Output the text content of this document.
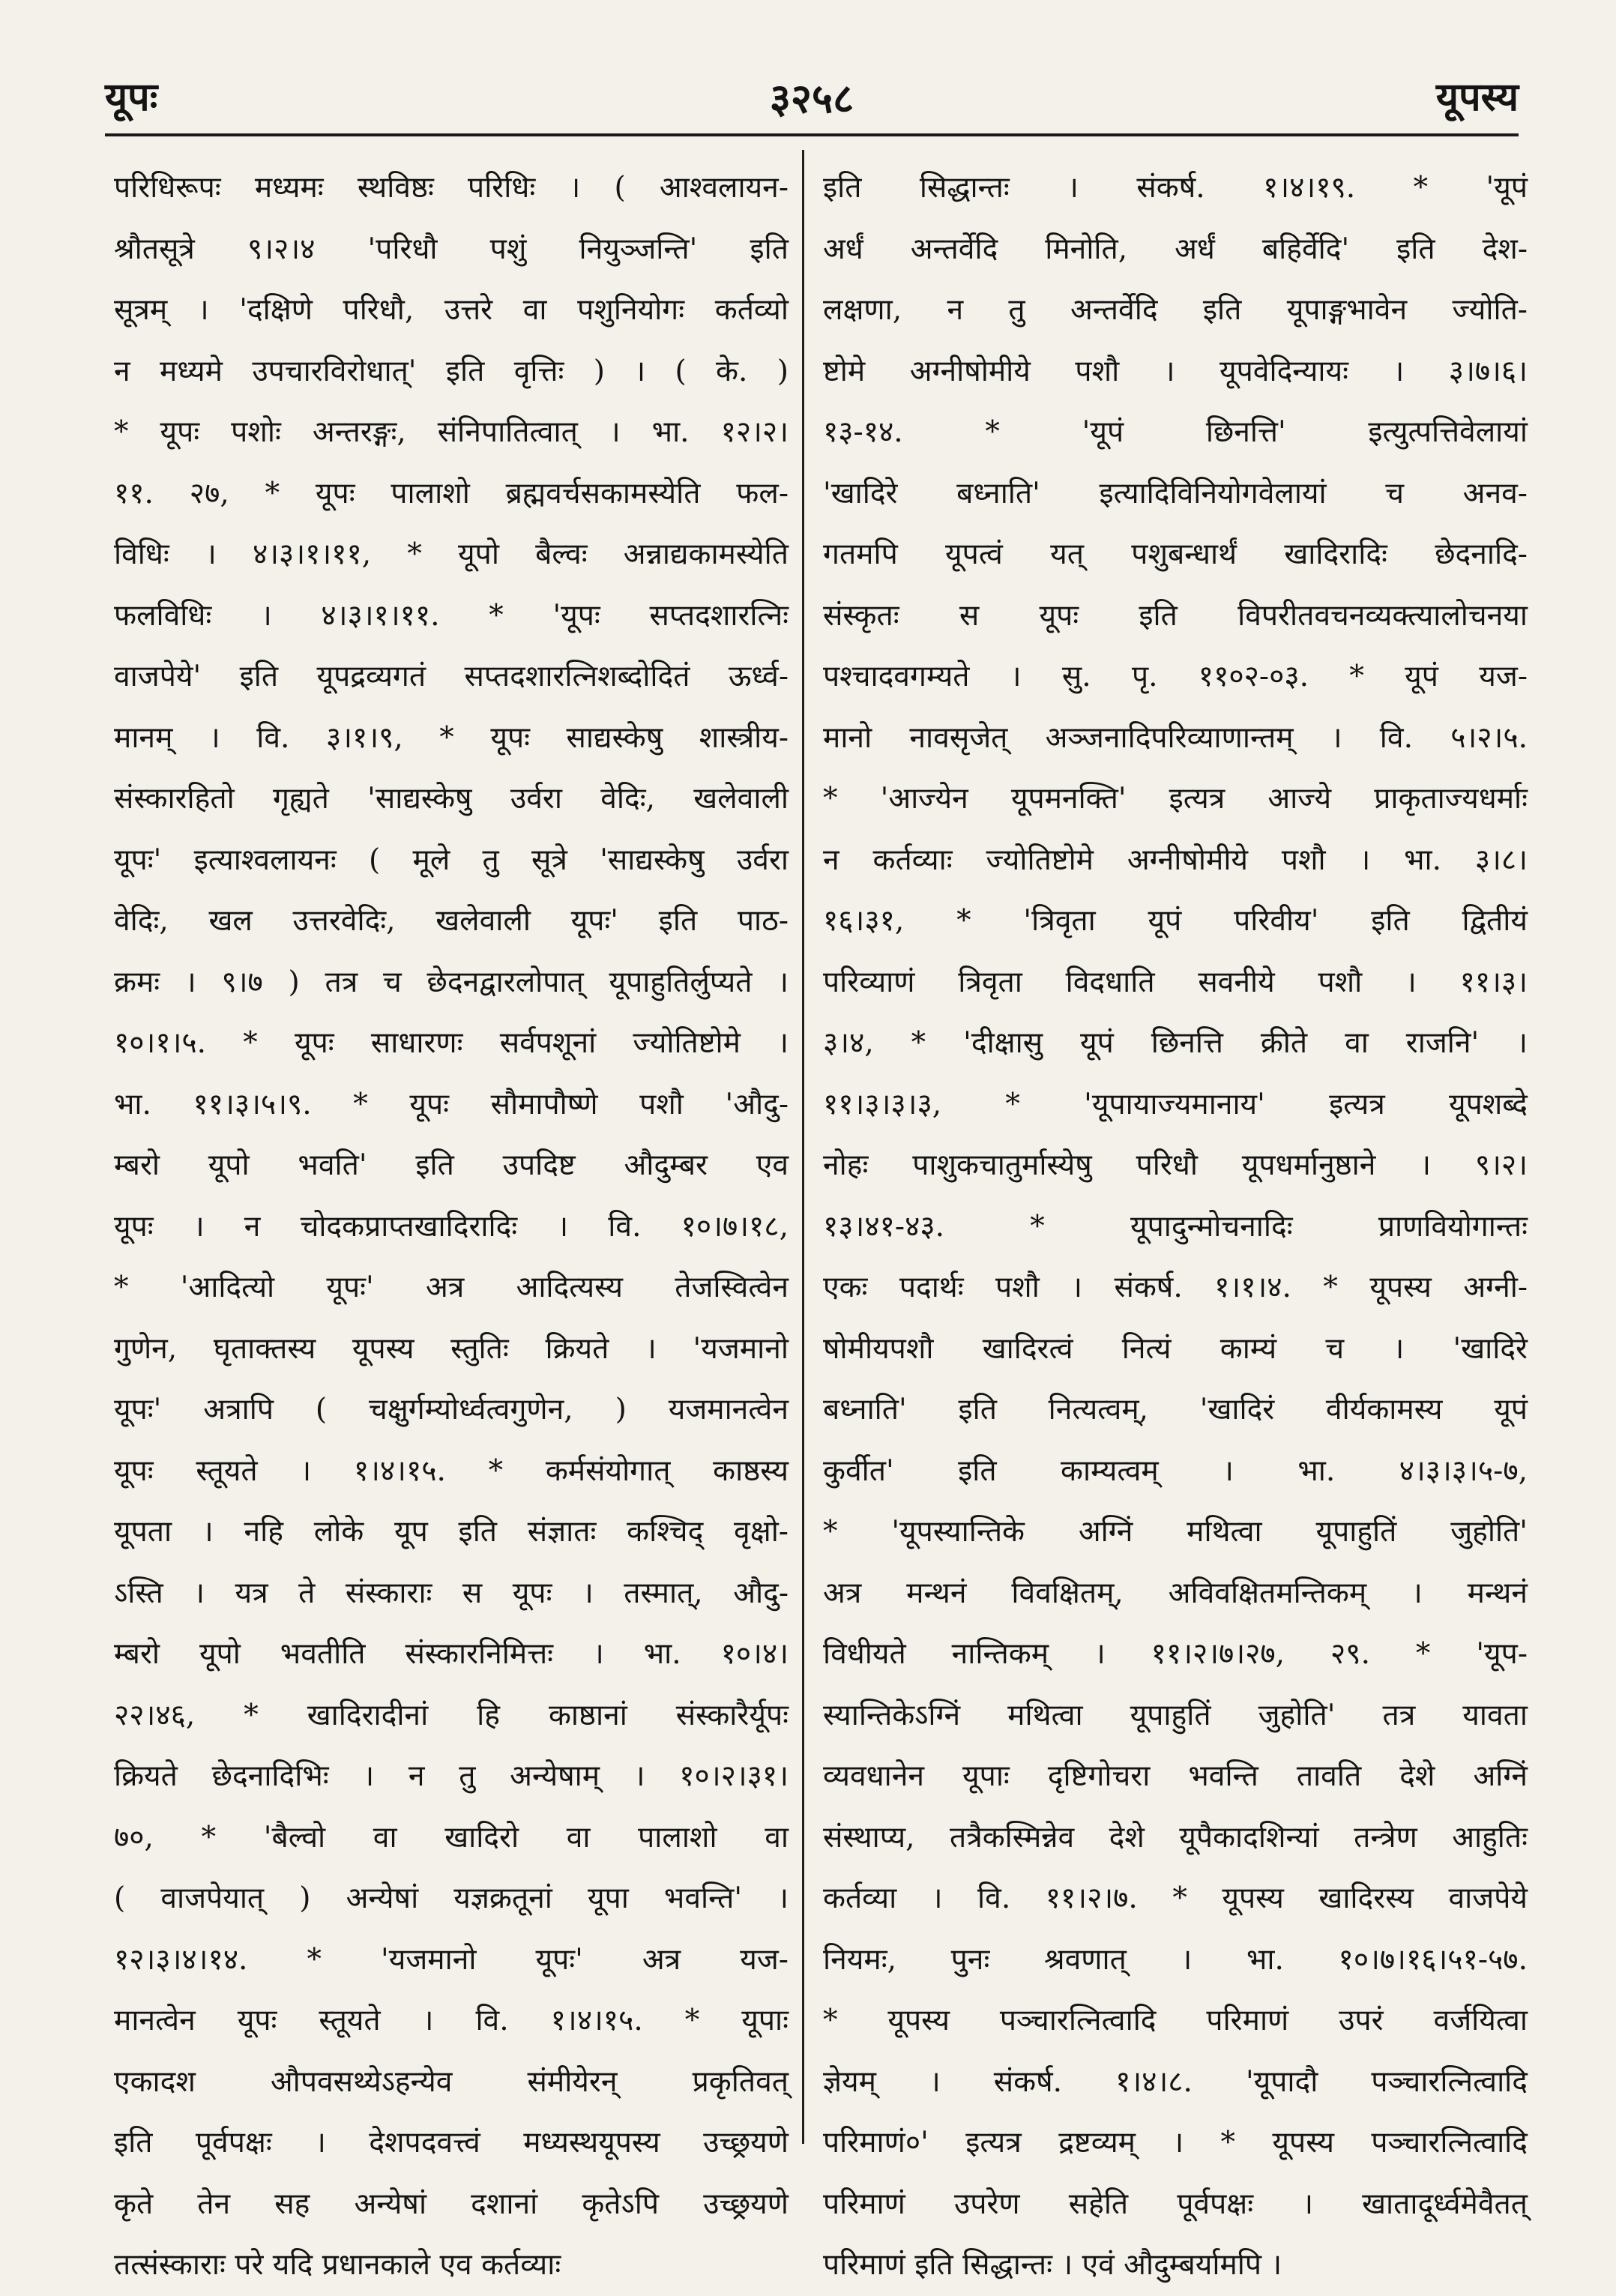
यूपः	३२५८	यूपस्य
परिधिरूपः मध्यमः स्थविष्ठः परिधिः । ( आश्वलायन-
श्रौतसूत्रे ९।२।४ 'परिधौ पशुं नियुञ्जन्ति' इति
सूत्रम् । 'दक्षिणे परिधौ, उत्तरे वा पशुनियोगः कर्तव्यो
न मध्यमे उपचारविरोधात्' इति वृत्तिः ) । ( के. )
* यूपः पशोः अन्तरङ्गः, संनिपातित्वात् । भा. १२।२।
११. २७, * यूपः पालाशो ब्रह्मवर्चसकामस्येति फल-
विधिः । ४।३।१।११, * यूपो बैल्वः अन्नाद्यकामस्येति
फलविधिः । ४।३।१।११. * 'यूपः सप्तदशारत्निः
वाजपेये' इति यूपद्रव्यगतं सप्तदशारत्निशब्दोदितं ऊर्ध्व-
मानम् । वि. ३।१।९, * यूपः साद्यस्केषु शास्त्रीय-
संस्कारहितो गृह्यते 'साद्यस्केषु उर्वरा वेदिः, खलेवाली
यूपः' इत्याश्वलायनः ( मूले तु सूत्रे 'साद्यस्केषु उर्वरा
वेदिः, खल उत्तरवेदिः, खलेवाली यूपः' इति पाठ-
क्रमः । ९।७ ) तत्र च छेदनद्वारलोपात् यूपाहुतिर्लुप्यते ।
१०।१।५. * यूपः साधारणः सर्वपशूनां ज्योतिष्टोमे ।
भा. ११।३।५।९. * यूपः सौमापौष्णे पशौ 'औदु-
म्बरो यूपो भवति' इति उपदिष्ट औदुम्बर एव
यूपः । न चोदकप्राप्तखादिरादिः । वि. १०।७।१८,
* 'आदित्यो यूपः' अत्र आदित्यस्य तेजस्वित्वेन
गुणेन, घृताक्तस्य यूपस्य स्तुतिः क्रियते । 'यजमानो
यूपः' अत्रापि ( चक्षुर्गम्योर्ध्वत्वगुणेन, ) यजमानत्वेन
यूपः स्तूयते । १।४।१५. * कर्मसंयोगात् काष्ठस्य
यूपता । नहि लोके यूप इति संज्ञातः कश्चिद् वृक्षो-
ऽस्ति । यत्र ते संस्काराः स यूपः । तस्मात्, औदु-
म्बरो यूपो भवतीति संस्कारनिमित्तः । भा. १०।४।
२२।४६, * खादिरादीनां हि काष्ठानां संस्कारैर्यूपः
क्रियते छेदनादिभिः । न तु अन्येषाम् । १०।२।३१।
७०, * 'बैल्वो वा खादिरो वा पालाशो वा
( वाजपेयात् ) अन्येषां यज्ञक्रतूनां यूपा भवन्ति' ।
१२।३।४।१४. * 'यजमानो यूपः' अत्र यज-
मानत्वेन यूपः स्तूयते । वि. १।४।१५. * यूपाः
एकादश औपवसथ्येऽहन्येव संमीयेरन् प्रकृतिवत्
इति पूर्वपक्षः । देशपदवत्त्वं मध्यस्थयूपस्य उच्छ्रयणे
कृते तेन सह अन्येषां दशानां कृतेऽपि उच्छ्रयणे
तत्संस्काराः परे यदि प्रधानकाले एव कर्तव्याः
इति सिद्धान्तः । संकर्ष. १।४।१९. * 'यूपं
अर्धं अन्तर्वेदि मिनोति, अर्धं बहिर्वेदि' इति देश-
लक्षणा, न तु अन्तर्वेदि इति यूपाङ्गभावेन ज्योति-
ष्टोमे अग्नीषोमीये पशौ । यूपवेदिन्यायः । ३।७।६।
१३-१४. * 'यूपं छिनत्ति' इत्युत्पत्तिवेलायां
'खादिरे बध्नाति' इत्यादिविनियोगवेलायां च अनव-
गतमपि यूपत्वं यत् पशुबन्धार्थं खादिरादिः छेदनादि-
संस्कृतः स यूपः इति विपरीतवचनव्यक्त्यालोचनया
पश्चादवगम्यते । सु. पृ. ११०२-०३. * यूपं यज-
मानो नावसृजेत् अञ्जनादिपरिव्याणान्तम् । वि. ५।२।५.
* 'आज्येन यूपमनक्ति' इत्यत्र आज्ये प्राकृताज्यधर्माः
न कर्तव्याः ज्योतिष्टोमे अग्नीषोमीये पशौ । भा. ३।८।
१६।३१, * 'त्रिवृता यूपं परिवीय' इति द्वितीयं
परिव्याणं त्रिवृता विदधाति सवनीये पशौ । ११।३।
३।४, * 'दीक्षासु यूपं छिनत्ति क्रीते वा राजनि' ।
११।३।३।३, * 'यूपायाज्यमानाय' इत्यत्र यूपशब्दे
नोहः पाशुकचातुर्मास्येषु परिधौ यूपधर्मानुष्ठाने । ९।२।
१३।४१-४३. * यूपादुन्मोचनादिः प्राणवियोगान्तः
एकः पदार्थः पशौ । संकर्ष. १।१।४. * यूपस्य अग्नी-
षोमीयपशौ खादिरत्वं नित्यं काम्यं च । 'खादिरे
बध्नाति' इति नित्यत्वम्, 'खादिरं वीर्यकामस्य यूपं
कुर्वीत' इति काम्यत्वम् । भा. ४।३।३।५-७,
* 'यूपस्यान्तिके अग्निं मथित्वा यूपाहुतिं जुहोति'
अत्र मन्थनं विवक्षितम्, अविवक्षितमन्तिकम् । मन्थनं
विधीयते नान्तिकम् । ११।२।७।२७, २९. * 'यूप-
स्यान्तिकेऽग्निं मथित्वा यूपाहुतिं जुहोति' तत्र यावता
व्यवधानेन यूपाः दृष्टिगोचरा भवन्ति तावति देशे अग्निं
संस्थाप्य, तत्रैकस्मिन्नेव देशे यूपैकादशिन्यां तन्त्रेण आहुतिः
कर्तव्या । वि. ११।२।७. * यूपस्य खादिरस्य वाजपेये
नियमः, पुनः श्रवणात् । भा. १०।७।१६।५१-५७.
* यूपस्य पञ्चारत्नित्वादि परिमाणं उपरं वर्जयित्वा
ज्ञेयम् । संकर्ष. १।४।८. 'यूपादौ पञ्चारत्नित्वादि
परिमाणं०' इत्यत्र द्रष्टव्यम् । * यूपस्य पञ्चारत्नित्वादि
परिमाणं उपरेण सहेति पूर्वपक्षः । खातादूर्ध्वमेवैतत्
परिमाणं इति सिद्धान्तः । एवं औदुम्बर्यामपि ।
